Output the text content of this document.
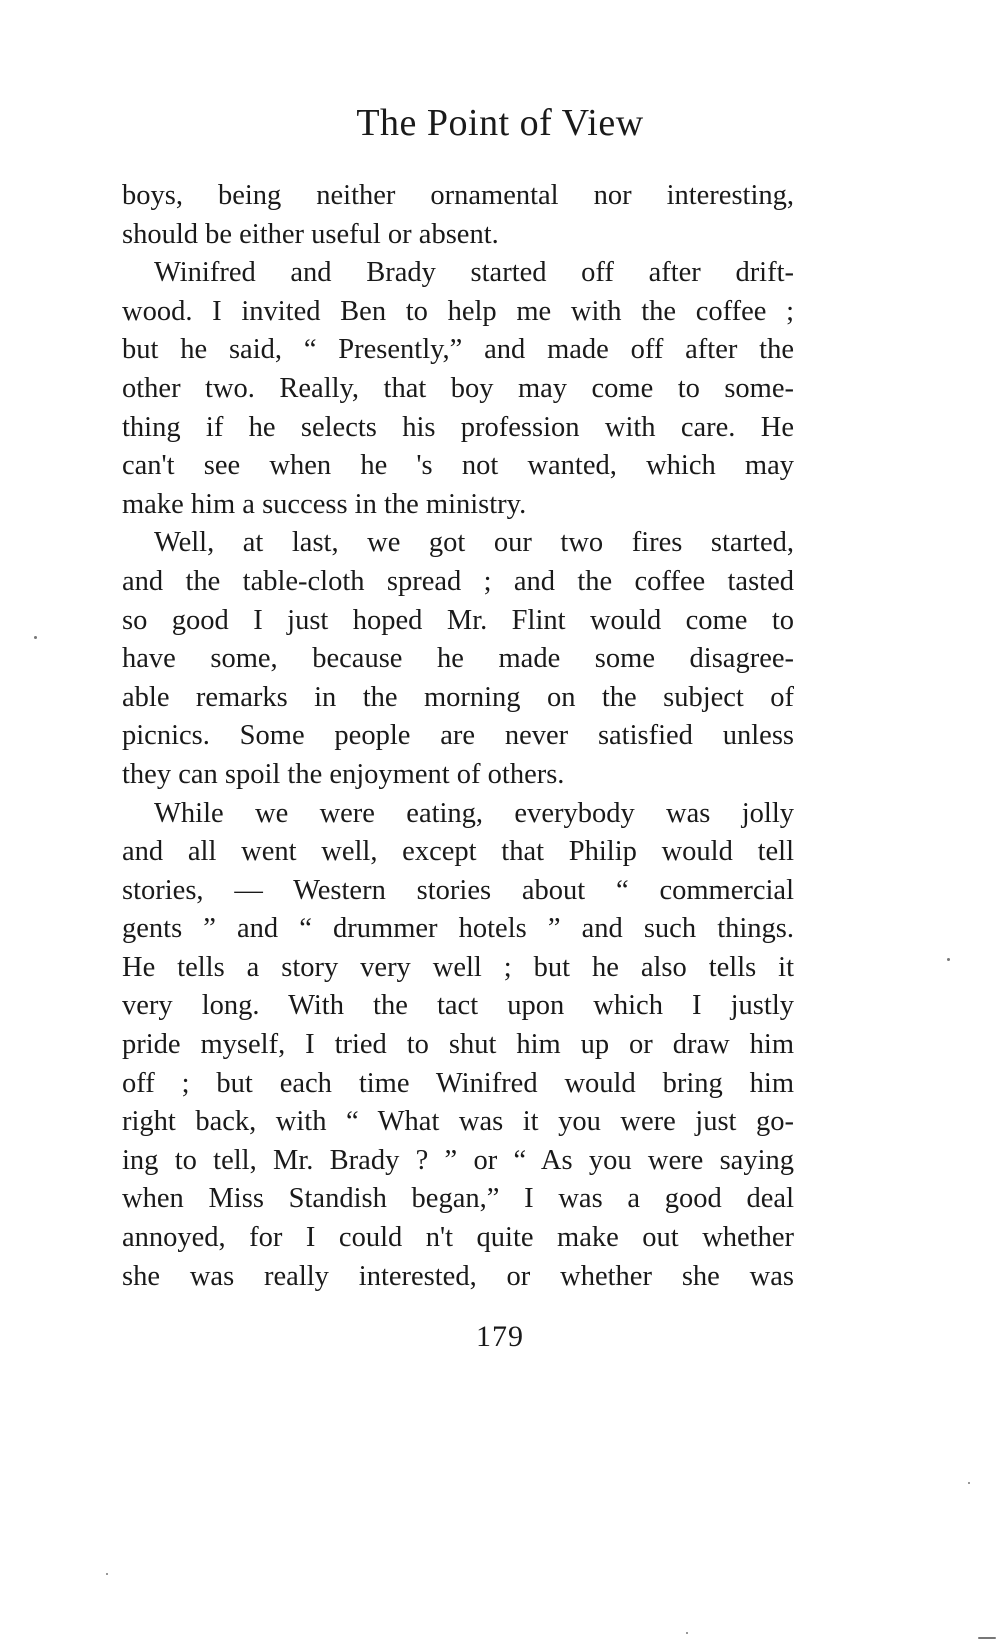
The Point of View
boys, being neither ornamental nor interesting,
should be either useful or absent.
Winifred and Brady started off after drift-
wood. I invited Ben to help me with the coffee ;
but he said, “ Presently,” and made off after the
other two. Really, that boy may come to some-
thing if he selects his profession with care. He
can't see when he 's not wanted, which may
make him a success in the ministry.
Well, at last, we got our two fires started,
and the table-cloth spread ; and the coffee tasted
so good I just hoped Mr. Flint would come to
have some, because he made some disagree-
able remarks in the morning on the subject of
picnics. Some people are never satisfied unless
they can spoil the enjoyment of others.
While we were eating, everybody was jolly
and all went well, except that Philip would tell
stories, — Western stories about “ commercial
gents ” and “ drummer hotels ” and such things.
He tells a story very well ; but he also tells it
very long. With the tact upon which I justly
pride myself, I tried to shut him up or draw him
off ; but each time Winifred would bring him
right back, with “ What was it you were just go-
ing to tell, Mr. Brady ? ” or “ As you were saying
when Miss Standish began,” I was a good deal
annoyed, for I could n't quite make out whether
she was really interested, or whether she was
179
